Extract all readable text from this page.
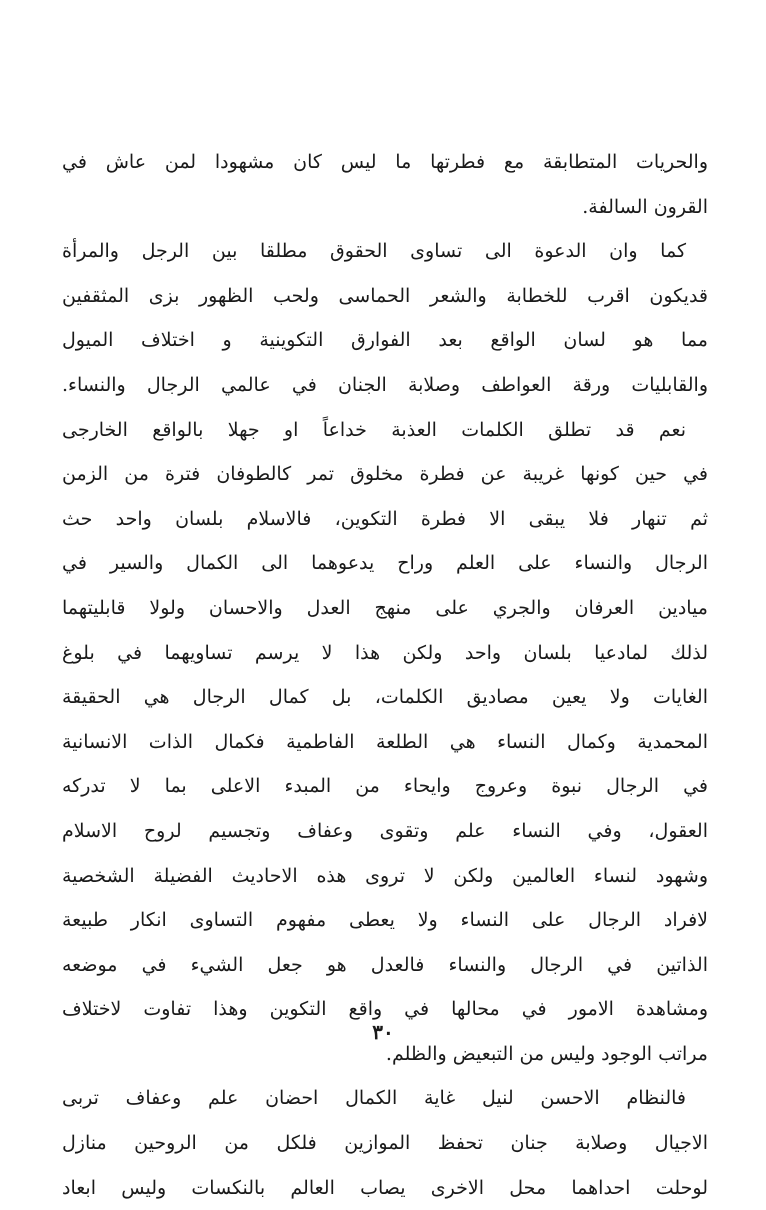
والحريات المتطابقة مع فطرتها ما ليس كان مشهودا لمن عاش في
القرون السالفة.
كما وان الدعوة الى تساوى الحقوق مطلقا بين الرجل والمرأة
قديكون اقرب للخطابة والشعر الحماسى ولحب الظهور بزى المثقفين
مما هو لسان الواقع بعد الفوارق التكوينية و اختلاف الميول
والقابليات ورقة العواطف وصلابة الجنان في عالمي الرجال والنساء.
نعم قد تطلق الكلمات العذبة خداعاً او جهلا بالواقع الخارجى
في حين كونها غريبة عن فطرة مخلوق تمر كالطوفان فترة من الزمن
ثم تنهار فلا يبقى الا فطرة التكوين، فالاسلام بلسان واحد حث
الرجال والنساء على العلم وراح يدعوهما الى الكمال والسير في
ميادين العرفان والجري على منهج العدل والاحسان ولولا قابليتهما
لذلك لمادعيا بلسان واحد ولكن هذا لا يرسم تساويهما في بلوغ
الغايات ولا يعين مصاديق الكلمات، بل كمال الرجال هي الحقيقة
المحمدية وكمال النساء هي الطلعة الفاطمية فكمال الذات الانسانية
في الرجال نبوة وعروج وايحاء من المبدء الاعلى بما لا تدركه
العقول، وفي النساء علم وتقوى وعفاف وتجسيم لروح الاسلام
وشهود لنساء العالمين ولكن لا تروى هذه الاحاديث الفضيلة الشخصية
لافراد الرجال على النساء ولا يعطى مفهوم التساوى انكار طبيعة
الذاتين في الرجال والنساء فالعدل هو جعل الشيء في موضعه
ومشاهدة الامور في محالها في واقع التكوين وهذا تفاوت لاختلاف
مراتب الوجود وليس من التبعيض والظلم.
فالنظام الاحسن لنيل غاية الكمال احضان علم وعفاف تربى
الاجيال وصلابة جنان تحفظ الموازين فلكل من الروحين منازل
لوحلت احداهما محل الاخرى يصاب العالم بالنكسات وليس ابعاد
٣٠
